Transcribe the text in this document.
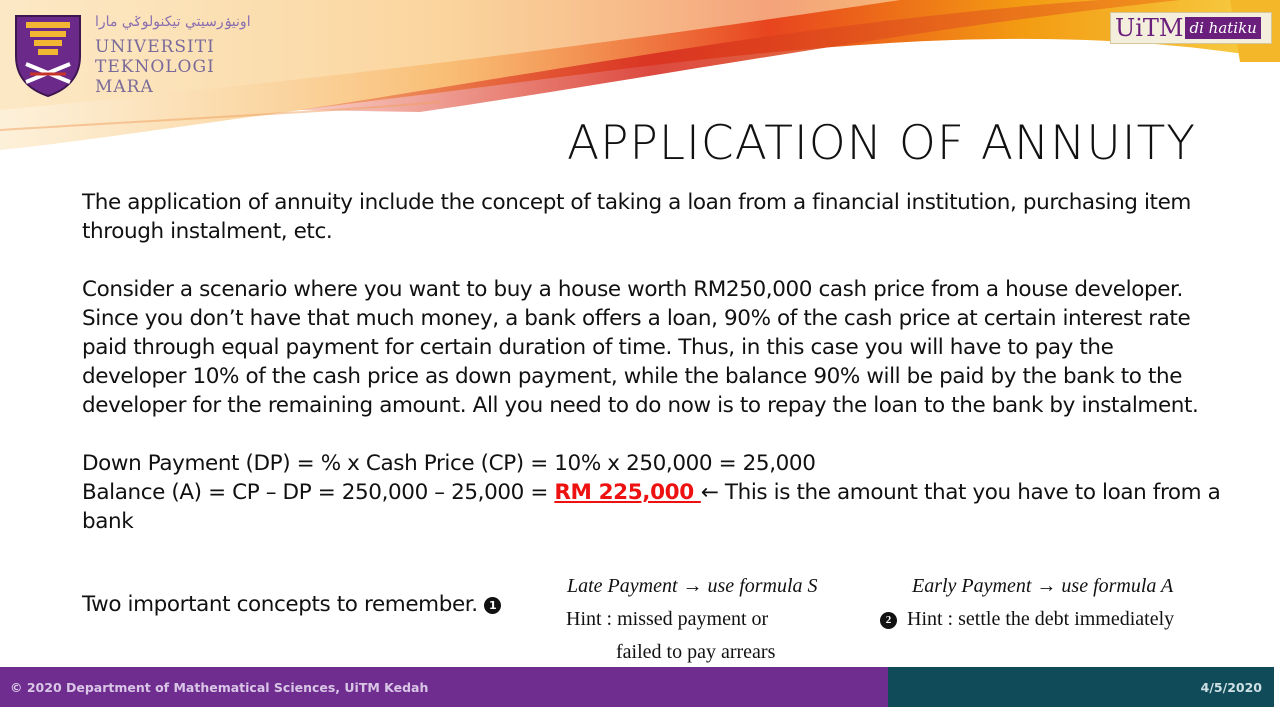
اونيۏرسيتي تيكنولوݢي مارا
UNIVERSITI
TEKNOLOGI
MARA
UiTM di hatiku
APPLICATION OF ANNUITY

The application of annuity include the concept of taking a loan from a financial institution, purchasing item through instalment, etc.

Consider a scenario where you want to buy a house worth RM250,000 cash price from a house developer. Since you don’t have that much money, a bank offers a loan, 90% of the cash price at certain interest rate paid through equal payment for certain duration of time. Thus, in this case you will have to pay the developer 10% of the cash price as down payment, while the balance 90% will be paid by the bank to the developer for the remaining amount. All you need to do now is to repay the loan to the bank by instalment.

Down Payment (DP) = % x Cash Price (CP) = 10% x 250,000 = 25,000

Balance (A) = CP – DP = 250,000 – 25,000 = RM 225,000 ← This is the amount that you have to loan from a bank

Two important concepts to remember. 1
Late Payment → use formula S
Hint : missed payment or
failed to pay arrears
Early Payment → use formula A
2 Hint : settle the debt immediately
© 2020 Department of Mathematical Sciences, UiTM Kedah	4/5/2020
